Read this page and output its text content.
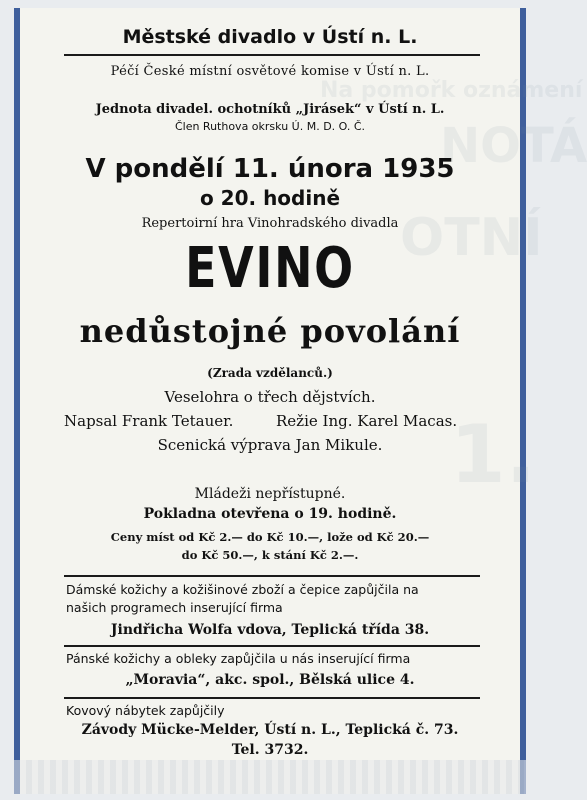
Na pomořk oznámení
NOTÁ
OTNÍ
1.
Městské divadlo v Ústí n. L.
Péčí České místní osvětové komise v Ústí n. L.
Jednota divadel. ochotníků „Jirásek“ v Ústí n. L.
Člen Ruthova okrsku Ú. M. D. O. Č.
V pondělí 11. února 1935
o 20. hodině
Repertoirní hra Vinohradského divadla
EVINO
nedůstojné povolání
(Zrada vzdělanců.)
Veselohra o třech dějstvích.
Napsal Frank Tetauer.	Režie Ing. Karel Macas.
Scenická výprava Jan Mikule.
Mládeži nepřístupné.
Pokladna otevřena o 19. hodině.
Ceny míst od Kč 2.— do Kč 10.—, lože od Kč 20.—
do Kč 50.—, k stání Kč 2.—.
Dámské kožichy a kožišinové zboží a čepice zapůjčila na
našich programech inserující firma
Jindřicha Wolfa vdova, Teplická třída 38.
Pánské kožichy a obleky zapůjčila u nás inserující firma
„Moravia“, akc. spol., Bělská ulice 4.
Kovový nábytek zapůjčily
Závody Mücke-Melder, Ústí n. L., Teplická č. 73.
Tel. 3732.
